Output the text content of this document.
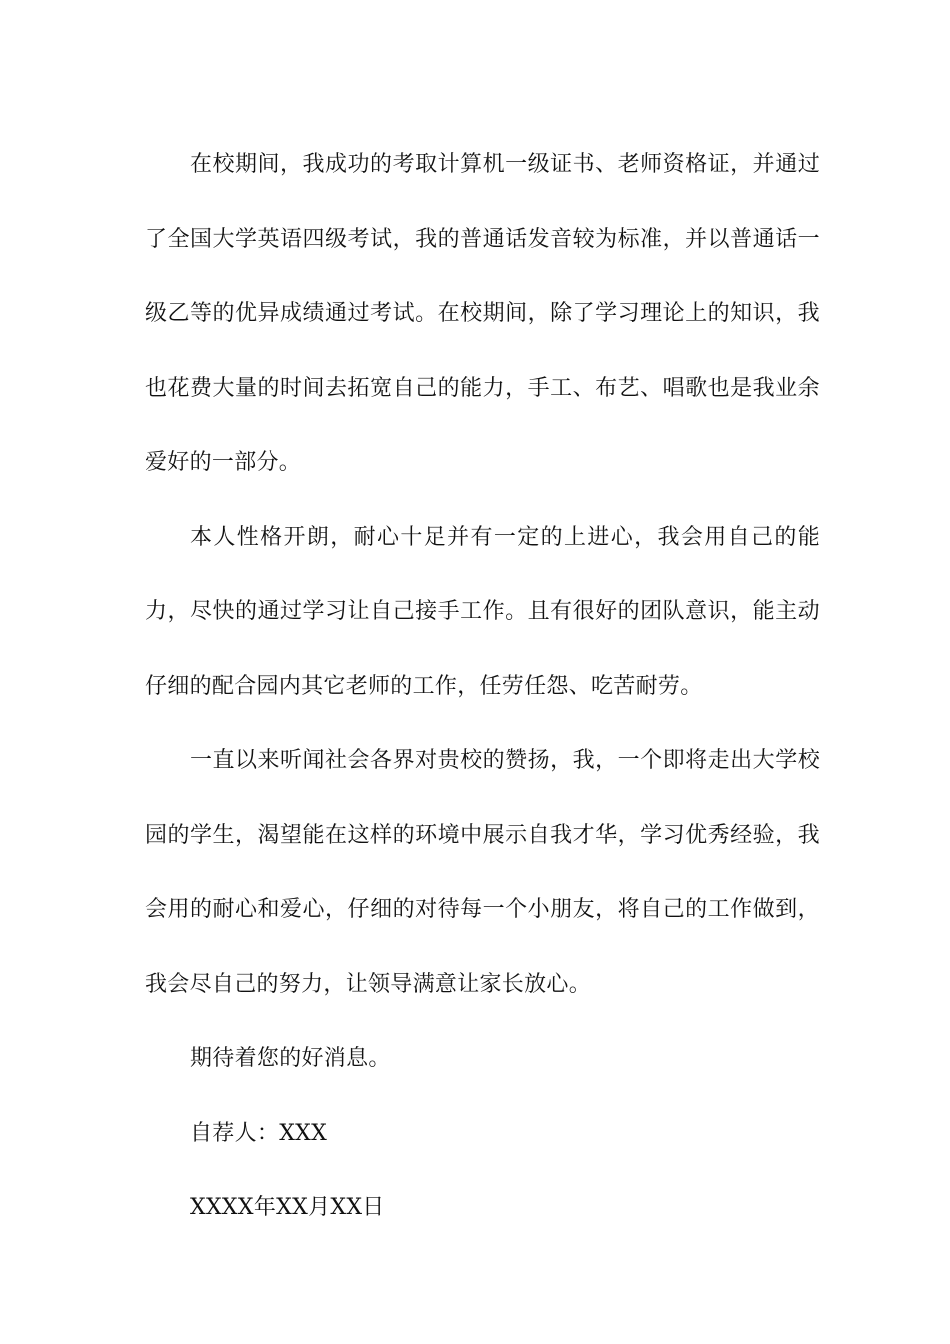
在校期间，我成功的考取计算机一级证书、老师资格证，并通过了全国大学英语四级考试，我的普通话发音较为标准，并以普通话一级乙等的优异成绩通过考试。在校期间，除了学习理论上的知识，我也花费大量的时间去拓宽自己的能力，手工、布艺、唱歌也是我业余爱好的一部分。

本人性格开朗，耐心十足并有一定的上进心，我会用自己的能力，尽快的通过学习让自己接手工作。且有很好的团队意识，能主动仔细的配合园内其它老师的工作，任劳任怨、吃苦耐劳。

一直以来听闻社会各界对贵校的赞扬，我，一个即将走出大学校园的学生，渴望能在这样的环境中展示自我才华，学习优秀经验，我会用的耐心和爱心，仔细的对待每一个小朋友，将自己的工作做到，我会尽自己的努力，让领导满意让家长放心。

期待着您的好消息。

自荐人：XXX

XXXX年XX月XX日
